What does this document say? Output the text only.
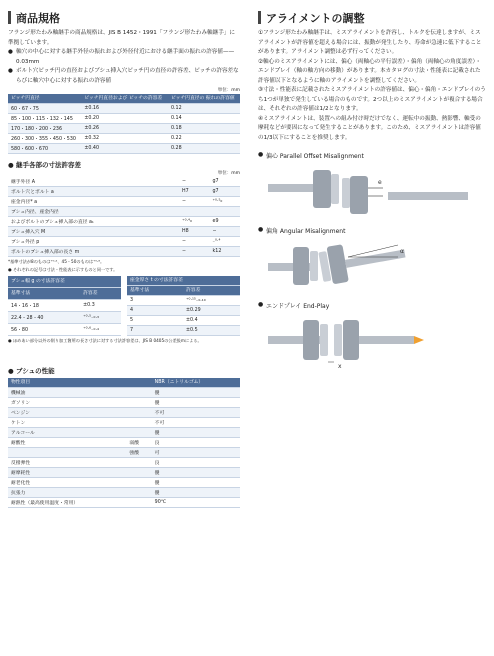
商品規格

フランジ形たわみ軸継手の商品規格は、JIS B 1452・1991「フランジ形たわみ軸継手」に準拠しています。

● 軸穴の中心に対する継手外径の振れおよび外径付近における継手面の振れの許容値——0.03mm
● ボルト穴ピッチ円の直径およびブシュ挿入穴ピッチ円の直径の許容差、ピッチの許容差ならびに軸穴中心に対する振れの許容値
単位：mm
ピッチ円直径	ピッチ円直径および ピッチの許容差	ピッチ円直径の 振れの許容値
60・67・75	±0.16	0.12
85・100・115・132・145	±0.20	0.14
170・180・200・236	±0.26	0.18
260・300・355・450・530	±0.32	0.22
580・600・670	±0.40	0.28
● 継手各部の寸法許容差
単位：mm
継手外径 A	−	g7
ボルト穴とボルト a	H7	g7
座金内径* a	−	⁺⁰·⁵₀
ブシュ内径、座金内径		
およびボルトのブシュ挿入部の直径 a₁	⁺⁰·⁴₀	e9
ブシュ挿入穴 M	H8	−
ブシュ外径 p	−	₋⁰·⁴
ボルトのブシュ挿入部の長さ m	−	k12
*基準寸法が8のものは⁺⁰·⁵、45・50のものは⁺⁰·⁸。
● それぞれの記号は寸法・性能表に示すものと同一です。
ブシュ幅 g の寸法許容差	
基準寸法	許容差
14・16・18	±0.3
22.4・28・40	⁺⁰·⁵₋₀.₃
56・80	⁺⁰·⁶₋₀.₄
座金厚さ t の寸法許容差	
基準寸法	許容差
3	⁺⁰·¹⁵₋₀.₁₀
4	±0.29
5	±0.4
7	±0.5
● ほめあい部分以外の削り加工箇所の長さ寸法に対する寸法許容差は、JIS B 0405の公差級mによる。
● ブシュの性能
物性項目		NBR（ニトリルゴム）
機械油		優
ガソリン		優
ベンジン		不可
ケトン		不可
アルコール		優
耐酸性	弱酸	良
	強酸	可
反撥弾性		良
耐摩耗性		優
耐老化性		優
抗張力		優
耐熱性（最高使用温度・常用）		90℃
アライメントの調整

①フランジ形たわみ軸継手は、ミスアライメントを許容し、トルクを伝達しますが、ミスアライメントが許容値を超える場合には、振動が発生したり、寿命が急速に低下することがあります。アライメント調整は必ず行ってください。

②軸心のミスアライメントには、偏心（両軸心の平行誤差）・偏角（両軸心の角度誤差）・エンドプレイ（軸の軸方向の移動）があります。本カタログの寸法・性能表に記載された許容値以下となるように軸のアライメントを調整してください。

③寸法・性能表に記載されたミスアライメントの許容値は、偏心・偏角・エンドプレイのうち1つが単独で発生している場合のものです。2つ以上のミスアライメントが複合する場合は、それぞれの許容値は1/2となります。

④ミスアライメントは、装置への組み付け時だけでなく、運転中の振動、熱影響、軸受の摩耗などが要因になって発生することがあります。このため、ミスアライメントは許容値の1/3以下にすることを推奨します。

● 偏心 Parallel Offset Misalignment
e
● 偏角 Angular Misalignment
α
● エンドプレイ End-Play
x
